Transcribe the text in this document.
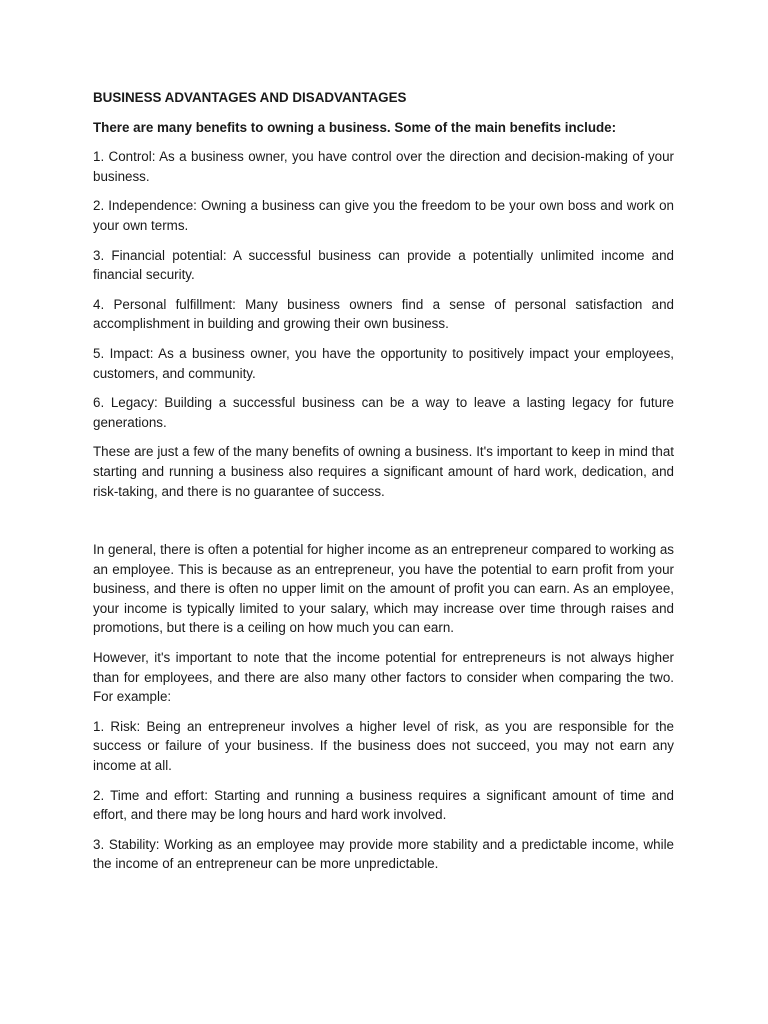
BUSINESS ADVANTAGES AND DISADVANTAGES

There are many benefits to owning a business. Some of the main benefits include:

1. Control: As a business owner, you have control over the direction and decision-making of your business.

2. Independence: Owning a business can give you the freedom to be your own boss and work on your own terms.

3. Financial potential: A successful business can provide a potentially unlimited income and financial security.

4. Personal fulfillment: Many business owners find a sense of personal satisfaction and accomplishment in building and growing their own business.

5. Impact: As a business owner, you have the opportunity to positively impact your employees, customers, and community.

6. Legacy: Building a successful business can be a way to leave a lasting legacy for future generations.

These are just a few of the many benefits of owning a business. It's important to keep in mind that starting and running a business also requires a significant amount of hard work, dedication, and risk-taking, and there is no guarantee of success.

In general, there is often a potential for higher income as an entrepreneur compared to working as an employee. This is because as an entrepreneur, you have the potential to earn profit from your business, and there is often no upper limit on the amount of profit you can earn. As an employee, your income is typically limited to your salary, which may increase over time through raises and promotions, but there is a ceiling on how much you can earn.

However, it's important to note that the income potential for entrepreneurs is not always higher than for employees, and there are also many other factors to consider when comparing the two. For example:

1. Risk: Being an entrepreneur involves a higher level of risk, as you are responsible for the success or failure of your business. If the business does not succeed, you may not earn any income at all.

2. Time and effort: Starting and running a business requires a significant amount of time and effort, and there may be long hours and hard work involved.

3. Stability: Working as an employee may provide more stability and a predictable income, while the income of an entrepreneur can be more unpredictable.
